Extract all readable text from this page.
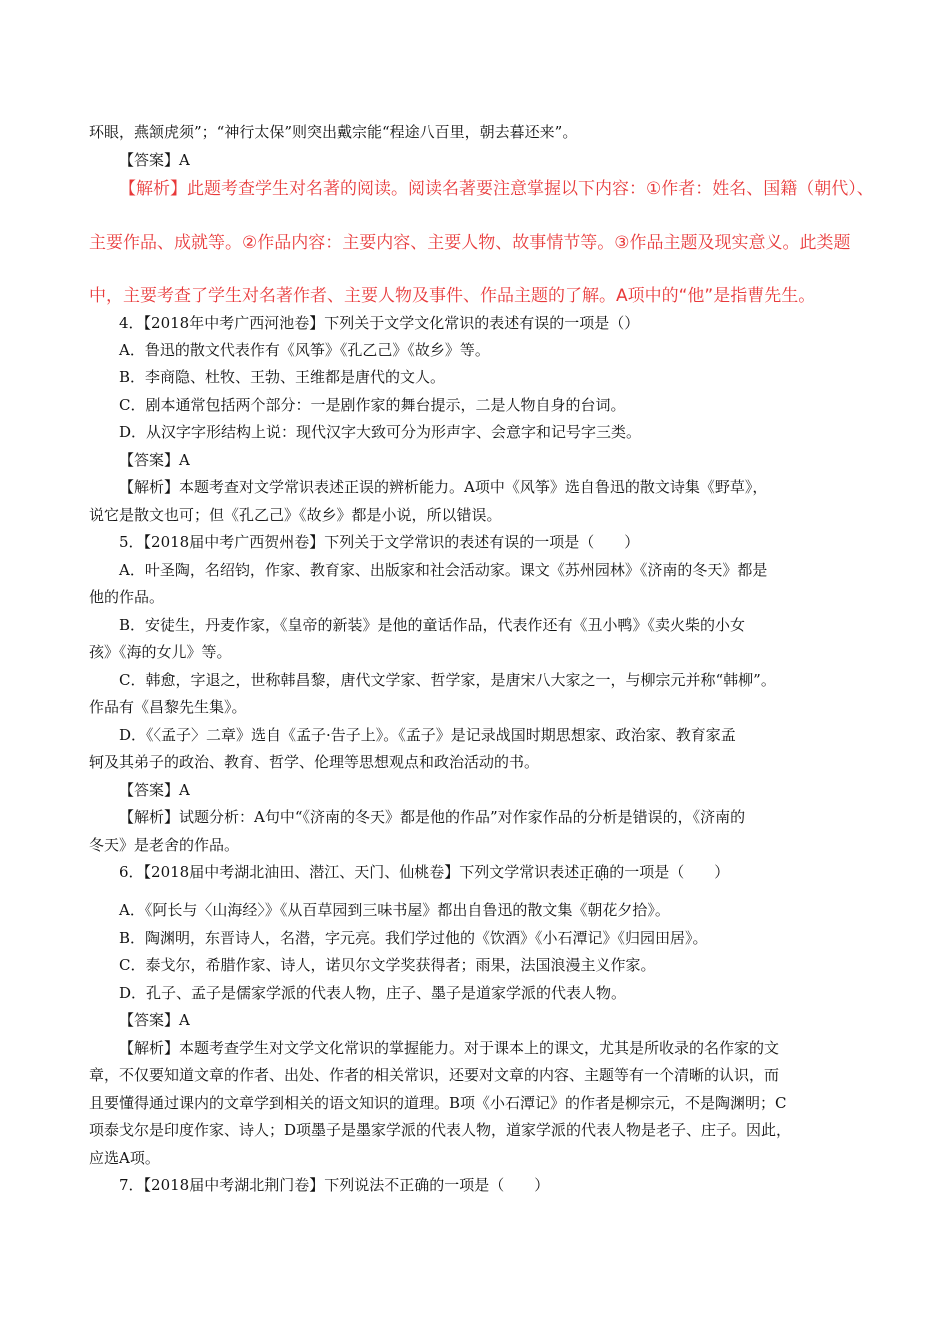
环眼，燕颔虎须”；“神行太保”则突出戴宗能“程途八百里，朝去暮还来”。
【答案】A
【解析】此题考查学生对名著的阅读。阅读名著要注意掌握以下内容：①作者：姓名、国籍（朝代）、
主要作品、成就等。②作品内容：主要内容、主要人物、故事情节等。③作品主题及现实意义。此类题
中，主要考查了学生对名著作者、主要人物及事件、作品主题的了解。A项中的“他”是指曹先生。
4．【2018年中考广西河池卷】下列关于文学文化常识的表述有误的一项是（）
A．鲁迅的散文代表作有《风筝》《孔乙己》《故乡》等。
B．李商隐、杜牧、王勃、王维都是唐代的文人。
C．剧本通常包括两个部分：一是剧作家的舞台提示，二是人物自身的台词。
D．从汉字字形结构上说：现代汉字大致可分为形声字、会意字和记号字三类。
【答案】A
【解析】本题考查对文学常识表述正误的辨析能力。A项中《风筝》选自鲁迅的散文诗集《野草》，
说它是散文也可；但《孔乙己》《故乡》都是小说，所以错误。
5．【2018届中考广西贺州卷】下列关于文学常识的表述有误的一项是（　　）
A．叶圣陶，名绍钧，作家、教育家、出版家和社会活动家。课文《苏州园林》《济南的冬天》都是
他的作品。
B．安徒生，丹麦作家，《皇帝的新装》是他的童话作品，代表作还有《丑小鸭》《卖火柴的小女
孩》《海的女儿》等。
C．韩愈，字退之，世称韩昌黎，唐代文学家、哲学家，是唐宋八大家之一，与柳宗元并称“韩柳”。
作品有《昌黎先生集》。
D．《〈孟子〉二章》选自《孟子·告子上》。《孟子》是记录战国时期思想家、政治家、教育家孟
轲及其弟子的政治、教育、哲学、伦理等思想观点和政治活动的书。
【答案】A
【解析】试题分析：A句中“《济南的冬天》都是他的作品”对作家作品的分析是错误的，《济南的
冬天》是老舍的作品。
6．【2018届中考湖北油田、潜江、天门、仙桃卷】下列文学常识表述正确的一项是（　　）
A．《阿长与〈山海经〉》《从百草园到三味书屋》都出自鲁迅的散文集《朝花夕拾》。
B．陶渊明，东晋诗人，名潜，字元亮。我们学过他的《饮酒》《小石潭记》《归园田居》。
C．泰戈尔，希腊作家、诗人，诺贝尔文学奖获得者；雨果，法国浪漫主义作家。
D．孔子、孟子是儒家学派的代表人物，庄子、墨子是道家学派的代表人物。
【答案】A
【解析】本题考查学生对文学文化常识的掌握能力。对于课本上的课文，尤其是所收录的名作家的文
章，不仅要知道文章的作者、出处、作者的相关常识，还要对文章的内容、主题等有一个清晰的认识，而
且要懂得通过课内的文章学到相关的语文知识的道理。B项《小石潭记》的作者是柳宗元，不是陶渊明；C
项泰戈尔是印度作家、诗人；D项墨子是墨家学派的代表人物，道家学派的代表人物是老子、庄子。因此，
应选A项。
7．【2018届中考湖北荆门卷】下列说法不正确的一项是（　　）
